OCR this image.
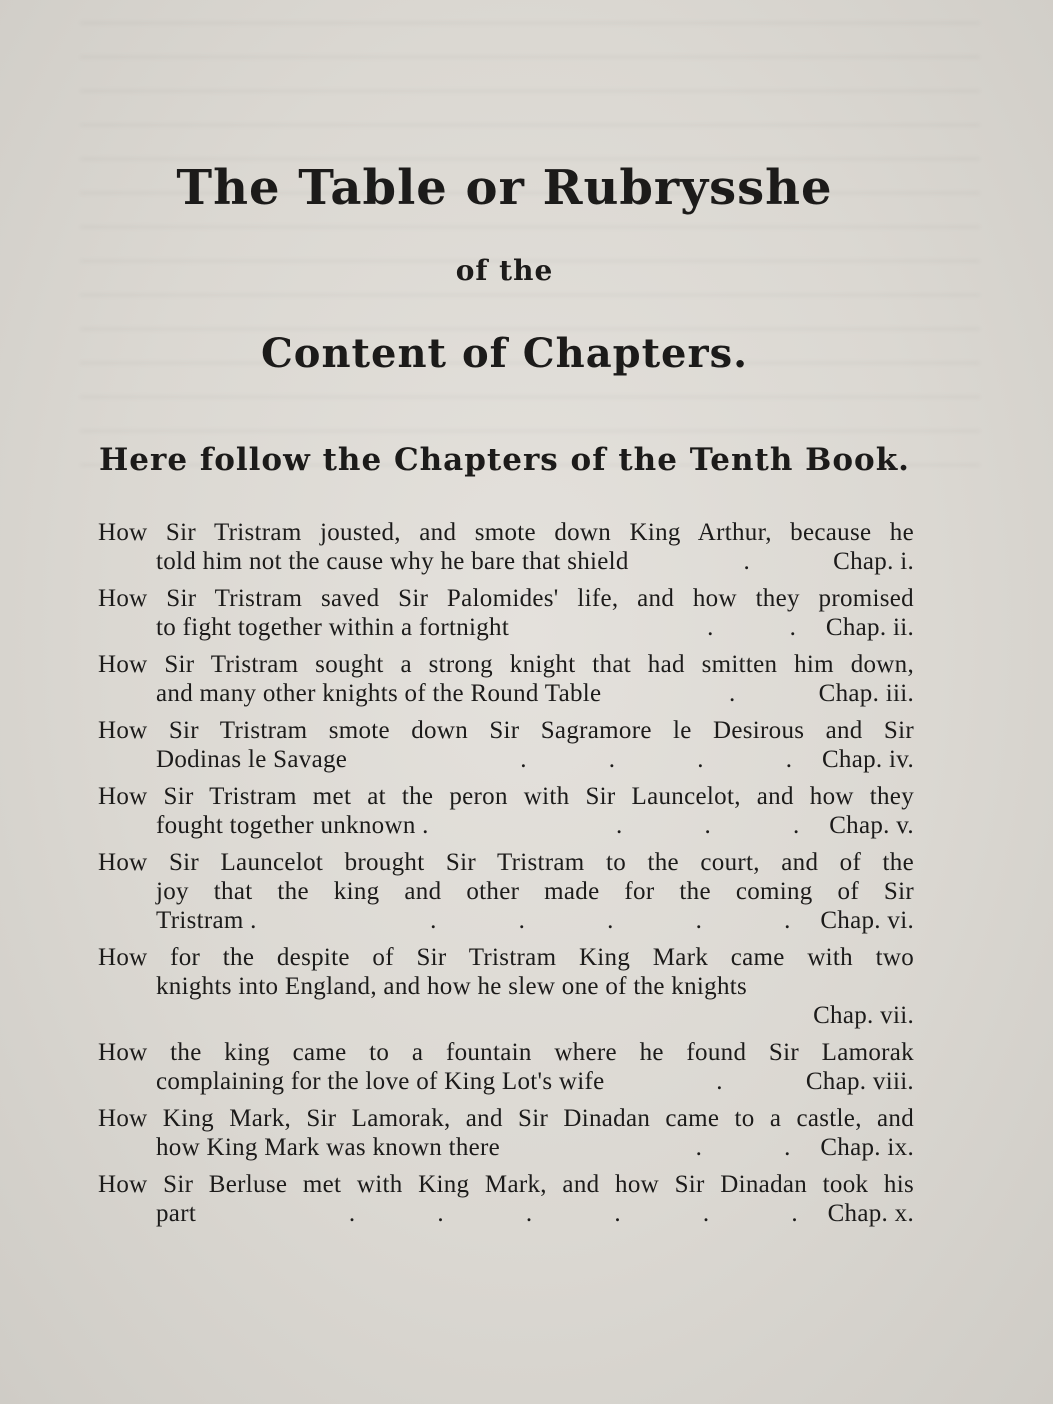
The Table or Rubrysshe
of the
Content of Chapters.
Here follow the Chapters of the Tenth Book.
How Sir Tristram jousted, and smote down King Arthur, because he
told him not the cause why he bare that shield	.	Chap. i.
How Sir Tristram saved Sir Palomides' life, and how they promised
to fight together within a fortnight	. . Chap. ii.
How Sir Tristram sought a strong knight that had smitten him down,
and many other knights of the Round Table	.	Chap. iii.
How Sir Tristram smote down Sir Sagramore le Desirous and Sir
Dodinas le Savage	. . . . Chap. iv.
How Sir Tristram met at the peron with Sir Launcelot, and how they
fought together unknown .	. . . Chap. v.
How Sir Launcelot brought Sir Tristram to the court, and of the
joy that the king and other made for the coming of Sir
Tristram .	. . . . . Chap. vi.
How for the despite of Sir Tristram King Mark came with two
knights into England, and how he slew one of the knights
Chap. vii.
How the king came to a fountain where he found Sir Lamorak
complaining for the love of King Lot's wife	.	Chap. viii.
How King Mark, Sir Lamorak, and Sir Dinadan came to a castle, and
how King Mark was known there	. . Chap. ix.
How Sir Berluse met with King Mark, and how Sir Dinadan took his
part	. . . . . . Chap. x.
